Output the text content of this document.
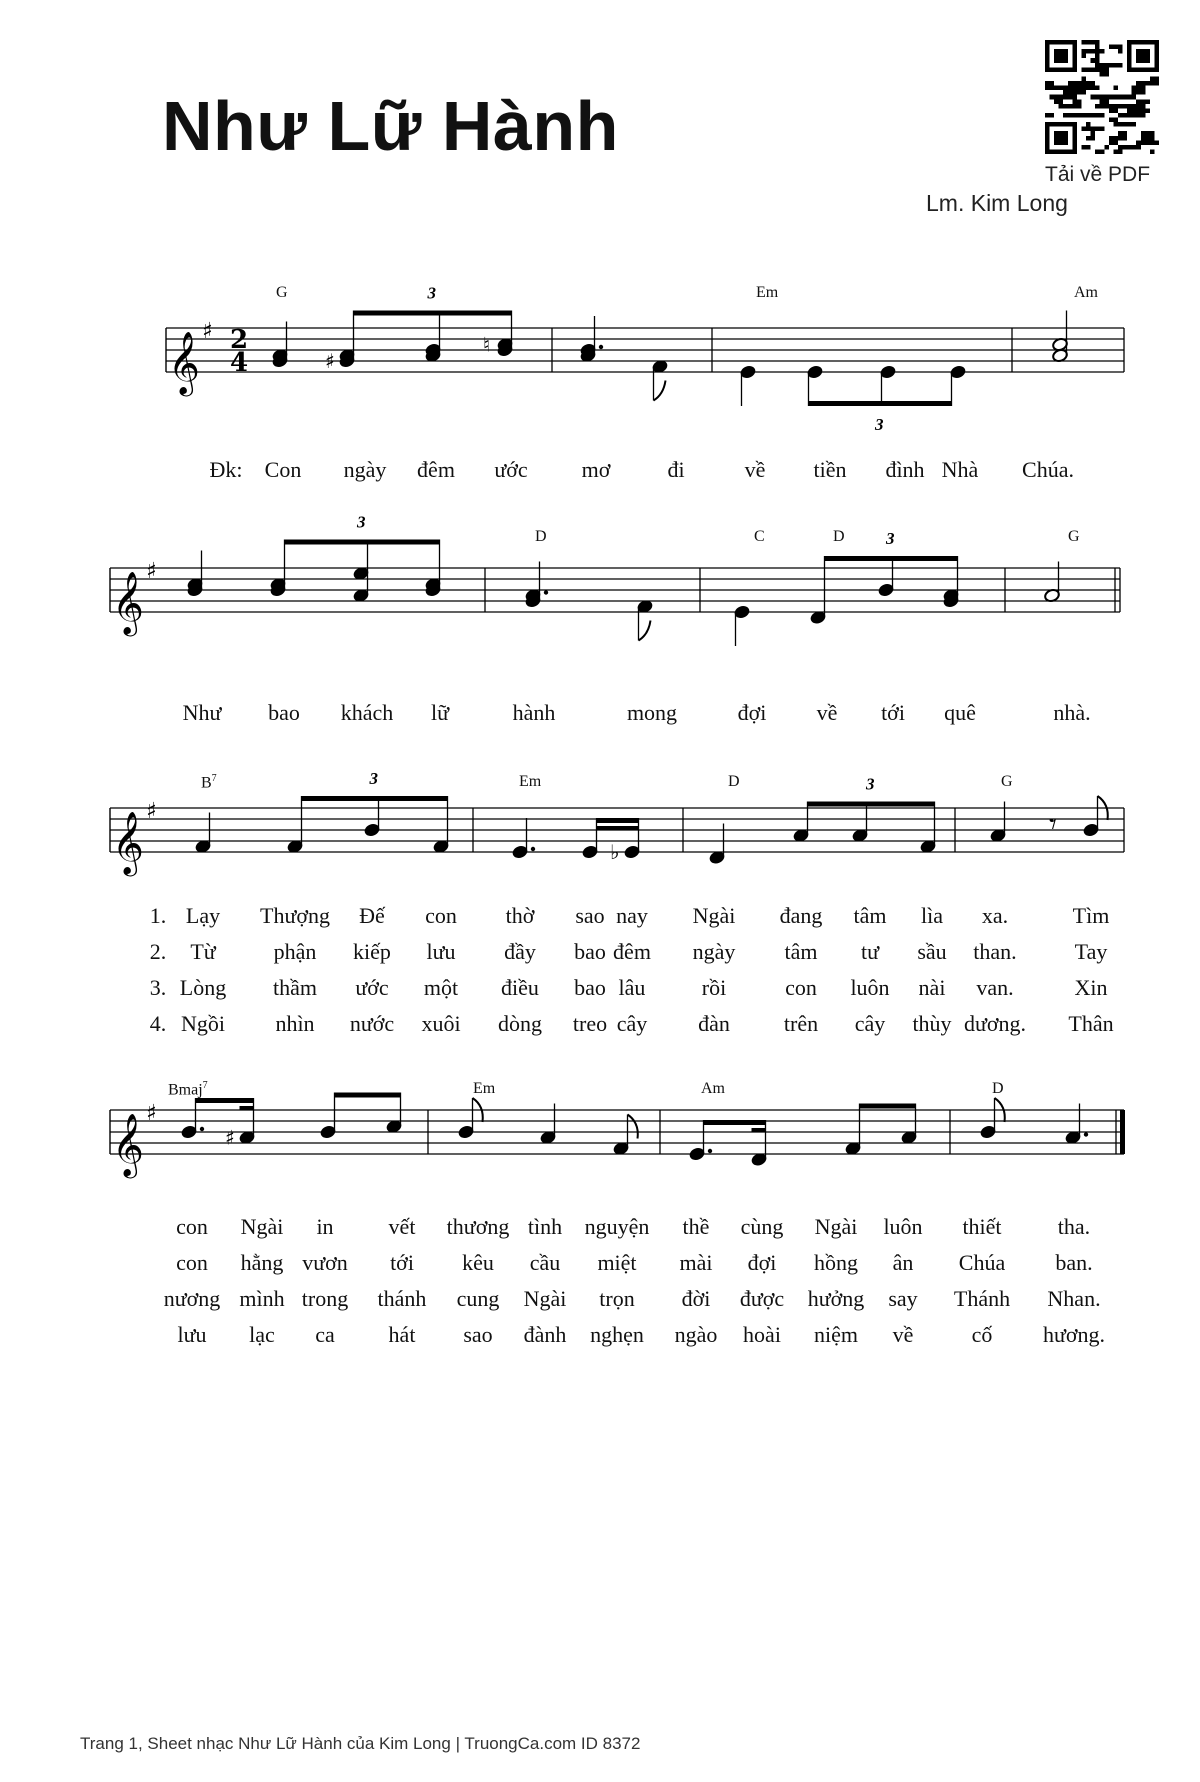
Như Lữ Hành
Tải về PDF
Lm. Kim Long
𝄞 ♯ 2
4	♯
♮
3
3
𝄞 ♯
3
3
𝄞 ♯
♭
𝄾
3	3
𝄞 ♯
♯
G	Em	Am
D	C	D	G
$B^7$	Em	D	G
Bmaj$^7$	Em	Am	D
Đk: Con ngày đêm ước mơ	đi	về tiền đình Nhà Chúa.
Như bao khách lữ	hành	mong	đợi về tới quê	nhà.
1. Lạy Thượng Đế con thờ sao nay Ngài đang tâm lìa xa.	Tìm
2. Từ	phận kiếp lưu đầy bao đêm ngày tâm tư sầu than.	Tay
3. Lòng thầm ước một điều bao lâu	rồi	con luôn nài van.	Xin
4. Ngồi nhìn nước xuôi dòng treo cây đàn trên cây thùy dương. Thân
con Ngài in vết thương tình nguyện thề cùng Ngài luôn thiết	tha.
con hằng vươn tới kêu cầu miệt mài đợi hồng ân Chúa ban.
nương mình trong thánh cung Ngài trọn đời được hưởng say Thánh Nhan.
lưu lạc ca hát sao đành nghẹn ngào hoài niệm về	cố hương.
Trang 1, Sheet nhạc Như Lữ Hành của Kim Long | TruongCa.com ID 8372
